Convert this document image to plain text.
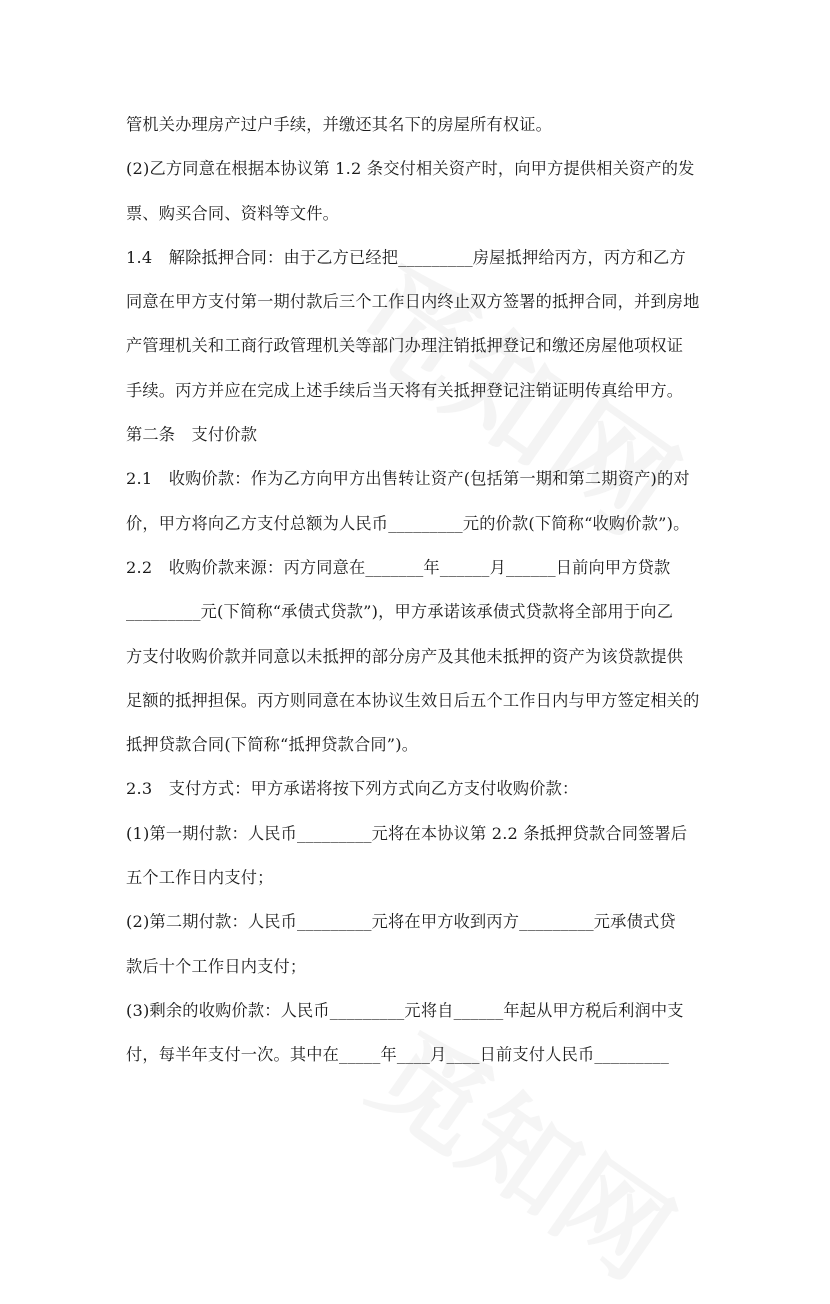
管机关办理房产过户手续，并缴还其名下的房屋所有权证。
(2)乙方同意在根据本协议第 1.2 条交付相关资产时，向甲方提供相关资产的发
票、购买合同、资料等文件。
1.4　解除抵押合同：由于乙方已经把_________房屋抵押给丙方，丙方和乙方
同意在甲方支付第一期付款后三个工作日内终止双方签署的抵押合同，并到房地
产管理机关和工商行政管理机关等部门办理注销抵押登记和缴还房屋他项权证
手续。丙方并应在完成上述手续后当天将有关抵押登记注销证明传真给甲方。
第二条　支付价款
2.1　收购价款：作为乙方向甲方出售转让资产(包括第一期和第二期资产)的对
价，甲方将向乙方支付总额为人民币_________元的价款(下简称“收购价款”)。
2.2　收购价款来源：丙方同意在_______年______月______日前向甲方贷款
_________元(下简称“承债式贷款”)，甲方承诺该承债式贷款将全部用于向乙
方支付收购价款并同意以未抵押的部分房产及其他未抵押的资产为该贷款提供
足额的抵押担保。丙方则同意在本协议生效日后五个工作日内与甲方签定相关的
抵押贷款合同(下简称“抵押贷款合同”)。
2.3　支付方式：甲方承诺将按下列方式向乙方支付收购价款：
(1)第一期付款：人民币_________元将在本协议第 2.2 条抵押贷款合同签署后
五个工作日内支付；
(2)第二期付款：人民币_________元将在甲方收到丙方_________元承债式贷
款后十个工作日内支付；
(3)剩余的收购价款：人民币_________元将自______年起从甲方税后利润中支
付，每半年支付一次。其中在_____年____月____日前支付人民币_________
